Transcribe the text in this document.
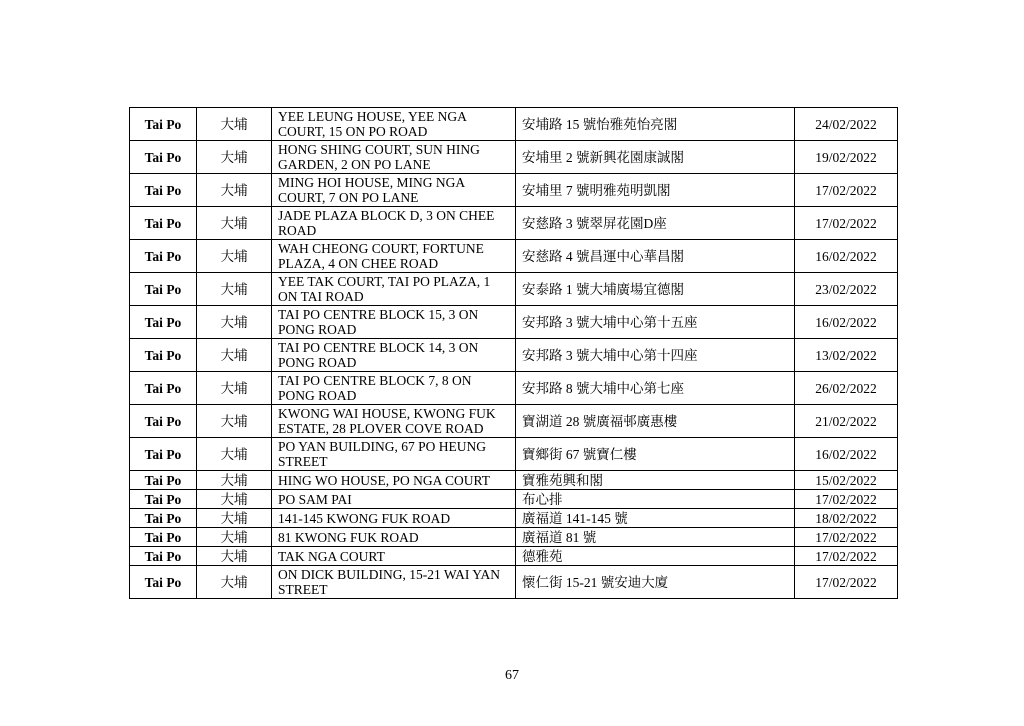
Tai Po	大埔	YEE LEUNG HOUSE, YEE NGA COURT, 15 ON PO ROAD	安埔路 15 號怡雅苑怡亮閣	24/02/2022
Tai Po	大埔	HONG SHING COURT, SUN HING GARDEN, 2 ON PO LANE	安埔里 2 號新興花園康誠閣	19/02/2022
Tai Po	大埔	MING HOI HOUSE, MING NGA COURT, 7 ON PO LANE	安埔里 7 號明雅苑明凱閣	17/02/2022
Tai Po	大埔	JADE PLAZA BLOCK D, 3 ON CHEE ROAD	安慈路 3 號翠屏花園D座	17/02/2022
Tai Po	大埔	WAH CHEONG COURT, FORTUNE PLAZA, 4 ON CHEE ROAD	安慈路 4 號昌運中心華昌閣	16/02/2022
Tai Po	大埔	YEE TAK COURT, TAI PO PLAZA, 1 ON TAI ROAD	安泰路 1 號大埔廣場宜德閣	23/02/2022
Tai Po	大埔	TAI PO CENTRE BLOCK 15, 3 ON PONG ROAD	安邦路 3 號大埔中心第十五座	16/02/2022
Tai Po	大埔	TAI PO CENTRE BLOCK 14, 3 ON PONG ROAD	安邦路 3 號大埔中心第十四座	13/02/2022
Tai Po	大埔	TAI PO CENTRE BLOCK 7, 8 ON PONG ROAD	安邦路 8 號大埔中心第七座	26/02/2022
Tai Po	大埔	KWONG WAI HOUSE, KWONG FUK ESTATE, 28 PLOVER COVE ROAD	寶湖道 28 號廣福邨廣惠樓	21/02/2022
Tai Po	大埔	PO YAN BUILDING, 67 PO HEUNG STREET	寶鄉街 67 號寶仁樓	16/02/2022
Tai Po	大埔	HING WO HOUSE, PO NGA COURT	寶雅苑興和閣	15/02/2022
Tai Po	大埔	PO SAM PAI	布心排	17/02/2022
Tai Po	大埔	141-145 KWONG FUK ROAD	廣福道 141-145 號	18/02/2022
Tai Po	大埔	81 KWONG FUK ROAD	廣福道 81 號	17/02/2022
Tai Po	大埔	TAK NGA COURT	德雅苑	17/02/2022
Tai Po	大埔	ON DICK BUILDING, 15-21 WAI YAN STREET	懷仁街 15-21 號安迪大廈	17/02/2022
67
